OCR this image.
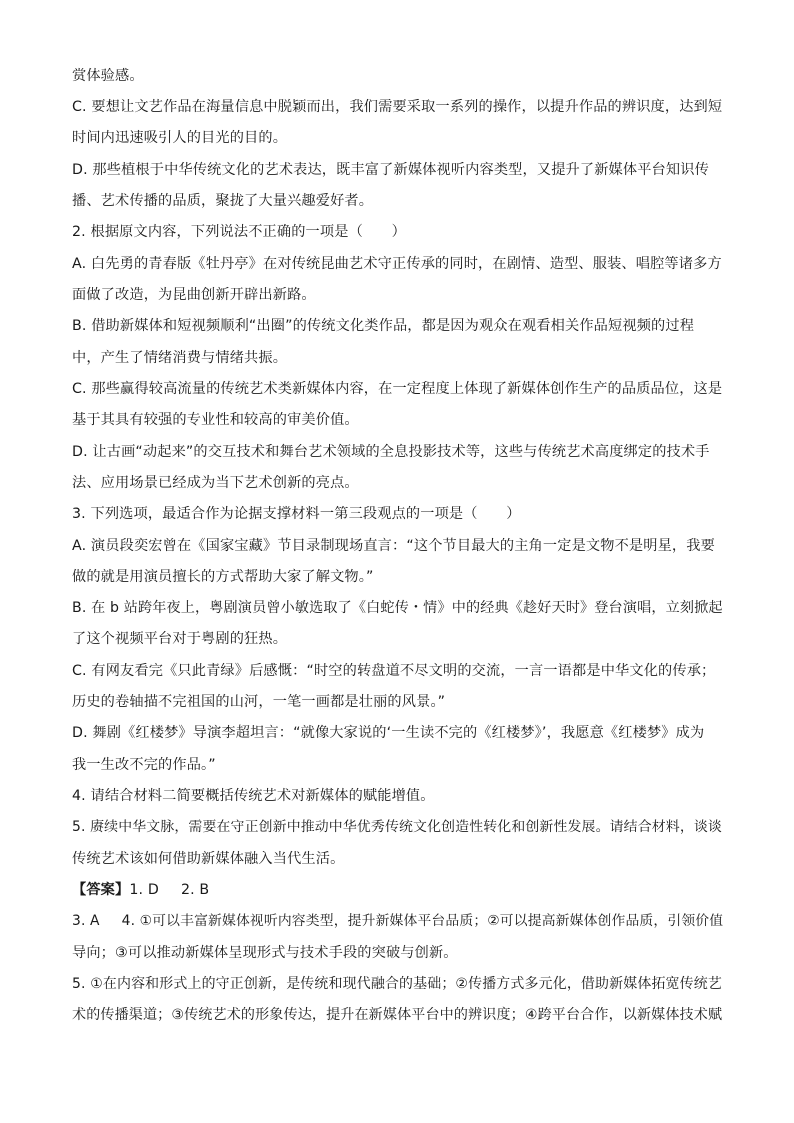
赏体验感。
C. 要想让文艺作品在海量信息中脱颖而出，我们需要采取一系列的操作，以提升作品的辨识度，达到短
时间内迅速吸引人的目光的目的。
D. 那些植根于中华传统文化的艺术表达，既丰富了新媒体视听内容类型，又提升了新媒体平台知识传
播、艺术传播的品质，聚拢了大量兴趣爱好者。
2. 根据原文内容，下列说法不正确的一项是（　　）
A. 白先勇的青春版《牡丹亭》在对传统昆曲艺术守正传承的同时，在剧情、造型、服装、唱腔等诸多方
面做了改造，为昆曲创新开辟出新路。
B. 借助新媒体和短视频顺利“出圈”的传统文化类作品，都是因为观众在观看相关作品短视频的过程
中，产生了情绪消费与情绪共振。
C. 那些赢得较高流量的传统艺术类新媒体内容，在一定程度上体现了新媒体创作生产的品质品位，这是
基于其具有较强的专业性和较高的审美价值。
D. 让古画“动起来”的交互技术和舞台艺术领域的全息投影技术等，这些与传统艺术高度绑定的技术手
法、应用场景已经成为当下艺术创新的亮点。
3. 下列选项，最适合作为论据支撑材料一第三段观点的一项是（　　）
A. 演员段奕宏曾在《国家宝藏》节目录制现场直言：“这个节目最大的主角一定是文物不是明星，我要
做的就是用演员擅长的方式帮助大家了解文物。”
B. 在 b 站跨年夜上，粤剧演员曾小敏选取了《白蛇传・情》中的经典《趁好天时》登台演唱，立刻掀起
了这个视频平台对于粤剧的狂热。
C. 有网友看完《只此青绿》后感慨：“时空的转盘道不尽文明的交流，一言一语都是中华文化的传承；
历史的卷轴描不完祖国的山河，一笔一画都是壮丽的风景。”
D. 舞剧《红楼梦》导演李超坦言：“就像大家说的‘一生读不完的《红楼梦》’，我愿意《红楼梦》成为
我一生改不完的作品。”
4. 请结合材料二简要概括传统艺术对新媒体的赋能增值。
5. 赓续中华文脉，需要在守正创新中推动中华优秀传统文化创造性转化和创新性发展。请结合材料，谈谈
传统艺术该如何借助新媒体融入当代生活。
【答案】1. D 2. B
3. A 4. ①可以丰富新媒体视听内容类型，提升新媒体平台品质；②可以提高新媒体创作品质，引领价值
导向；③可以推动新媒体呈现形式与技术手段的突破与创新。
5. ①在内容和形式上的守正创新，是传统和现代融合的基础；②传播方式多元化，借助新媒体拓宽传统艺
术的传播渠道；③传统艺术的形象传达，提升在新媒体平台中的辨识度；④跨平台合作，以新媒体技术赋
